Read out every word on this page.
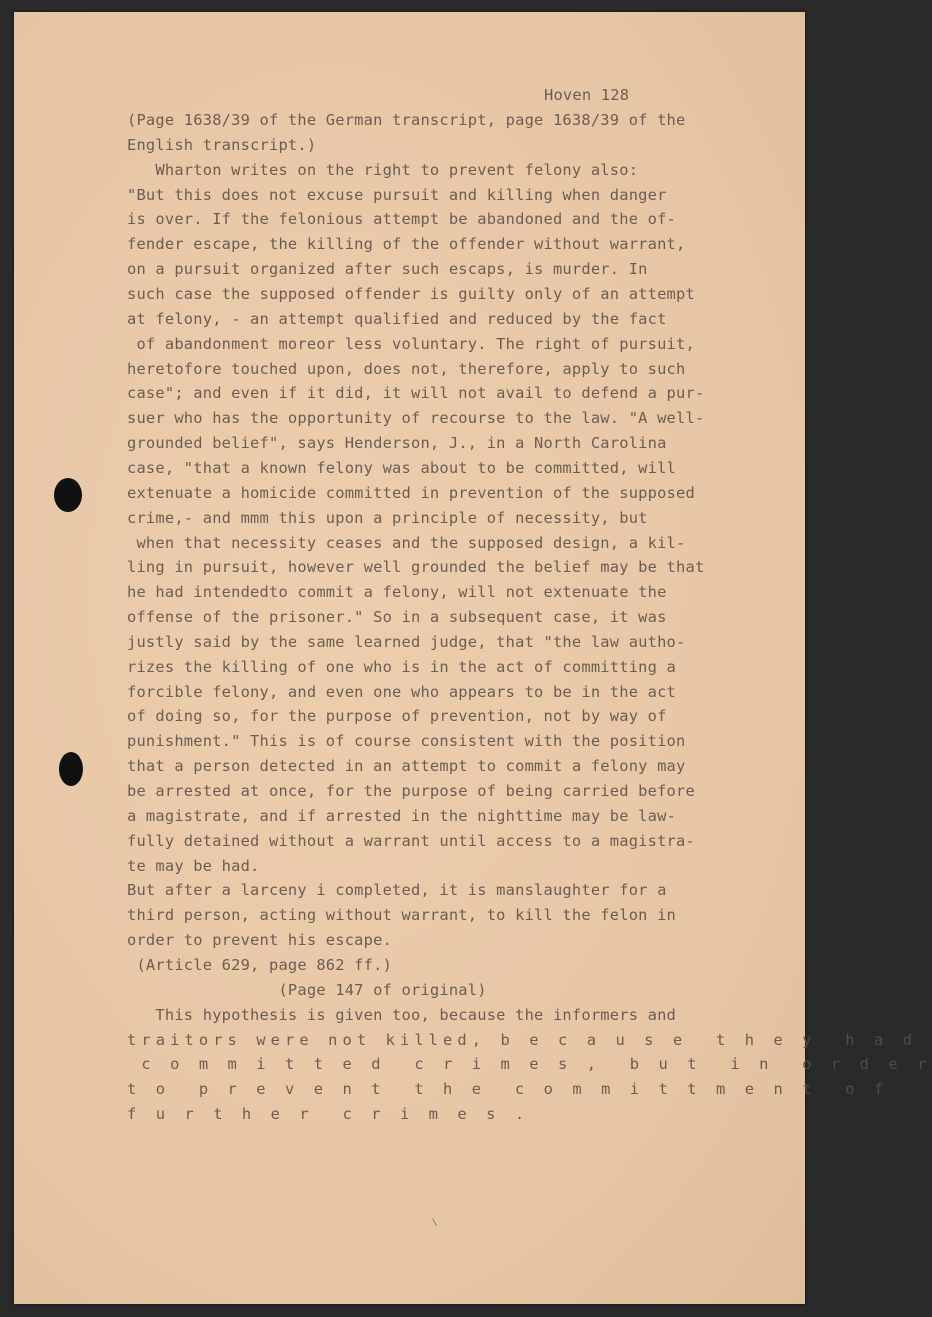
Hoven 128
(Page 1638/39 of the German transcript, page 1638/39 of the
English transcript.)
Wharton writes on the right to prevent felony also:
"But this does not excuse pursuit and killing when danger
is over. If the felonious attempt be abandoned and the of-
fender escape, the killing of the offender without warrant,
on a pursuit organized after such escaps, is murder. In
such case the supposed offender is guilty only of an attempt
at felony, - an attempt qualified and reduced by the fact
of abandonment moreor less voluntary. The right of pursuit,
heretofore touched upon, does not, therefore, apply to such
case"; and even if it did, it will not avail to defend a pur-
suer who has the opportunity of recourse to the law. "A well-
grounded belief", says Henderson, J., in a North Carolina
case, "that a known felony was about to be committed, will
extenuate a homicide committed in prevention of the supposed
crime,- and mmm this upon a principle of necessity, but
when that necessity ceases and the supposed design, a kil-
ling in pursuit, however well grounded the belief may be that
he had intendedto commit a felony, will not extenuate the
offense of the prisoner." So in a subsequent case, it was
justly said by the same learned judge, that "the law autho-
rizes the killing of one who is in the act of committing a
forcible felony, and even one who appears to be in the act
of doing so, for the purpose of prevention, not by way of
punishment." This is of course consistent with the position
that a person detected in an attempt to commit a felony may
be arrested at once, for the purpose of being carried before
a magistrate, and if arrested in the nighttime may be law-
fully detained without a warrant until access to a magistra-
te may be had.
But after a larceny i completed, it is manslaughter for a
third person, acting without warrant, to kill the felon in
order to prevent his escape.
(Article 629, page 862 ff.)
(Page 147 of original)
This hypothesis is given too, because the informers and
traitors were not killed, b e c a u s e  t h e y  h a d
c o m m i t t e d  c r i m e s ,  b u t  i n  o r d e r
t o  p r e v e n t  t h e  c o m m i t t m e n t  o f
f u r t h e r  c r i m e s .
